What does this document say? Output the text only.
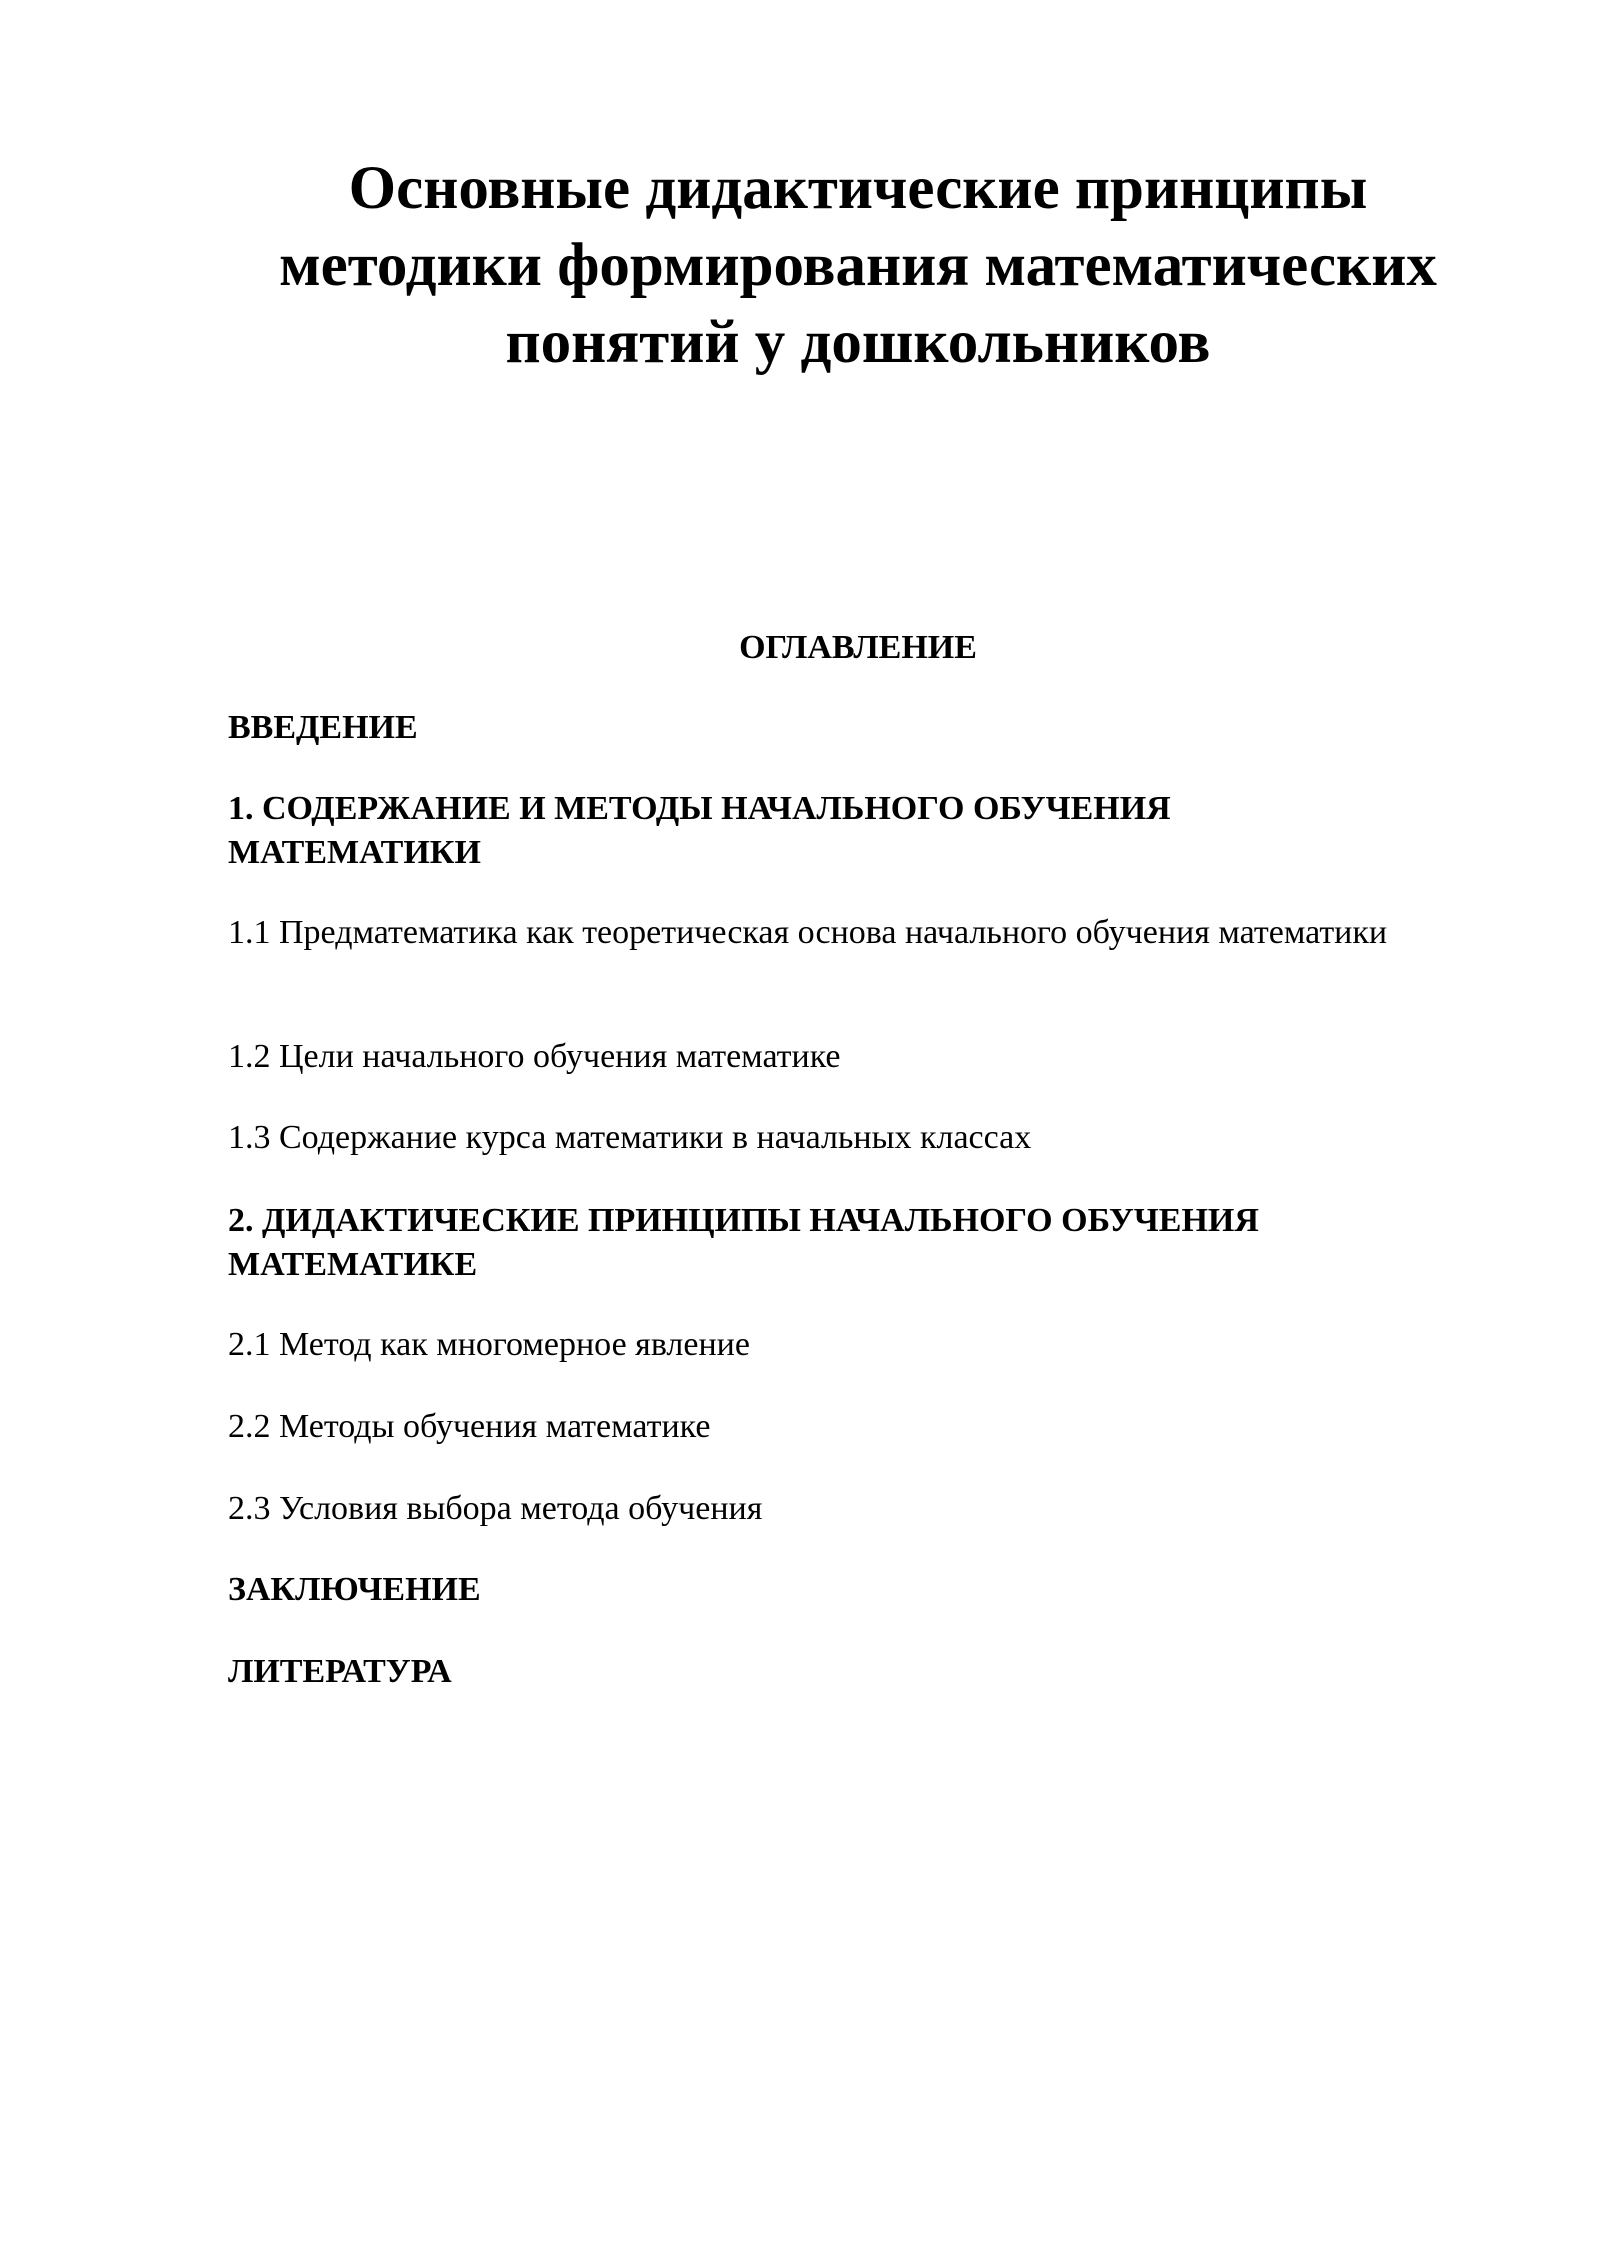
Основные дидактические принципы методики формирования математических понятий у дошкольников
ОГЛАВЛЕНИЕ
ВВЕДЕНИЕ
1. СОДЕРЖАНИЕ И МЕТОДЫ НАЧАЛЬНОГО ОБУЧЕНИЯ МАТЕМАТИКИ
1.1 Предматематика как теоретическая основа начального обучения математики
1.2 Цели начального обучения математике
1.3 Содержание курса математики в начальных классах
2. ДИДАКТИЧЕСКИЕ ПРИНЦИПЫ НАЧАЛЬНОГО ОБУЧЕНИЯ МАТЕМАТИКЕ
2.1 Метод как многомерное явление
2.2 Методы обучения математике
2.3 Условия выбора метода обучения
ЗАКЛЮЧЕНИЕ
ЛИТЕРАТУРА
